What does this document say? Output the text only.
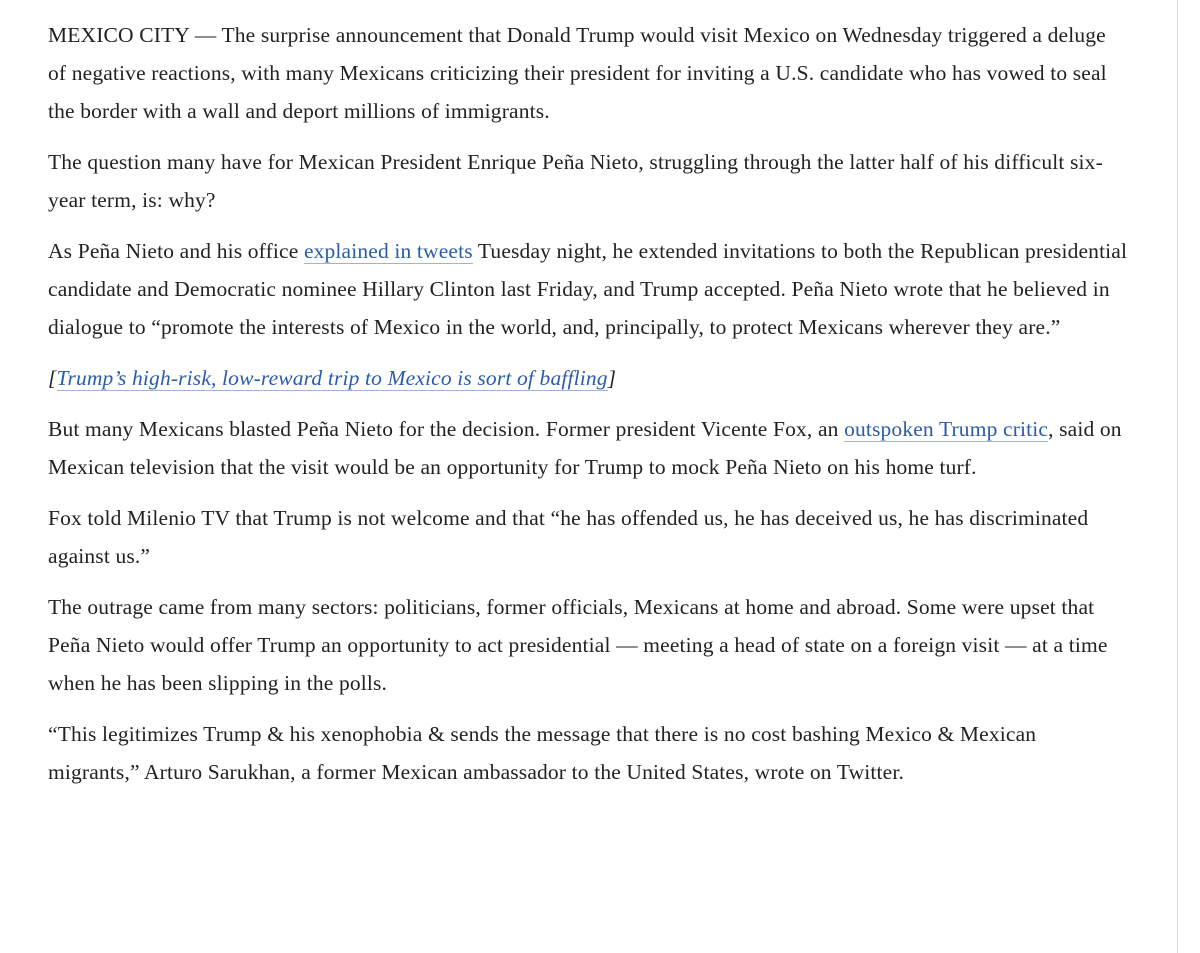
MEXICO CITY — The surprise announcement that Donald Trump would visit Mexico on Wednesday triggered a deluge of negative reactions, with many Mexicans criticizing their president for inviting a U.S. candidate who has vowed to seal the border with a wall and deport millions of immigrants.

The question many have for Mexican President Enrique Peña Nieto, struggling through the latter half of his difficult six-year term, is: why?

As Peña Nieto and his office explained in tweets Tuesday night, he extended invitations to both the Republican presidential candidate and Democratic nominee Hillary Clinton last Friday, and Trump accepted. Peña Nieto wrote that he believed in dialogue to “promote the interests of Mexico in the world, and, principally, to protect Mexicans wherever they are.”

[Trump’s high-risk, low-reward trip to Mexico is sort of baffling]

But many Mexicans blasted Peña Nieto for the decision. Former president Vicente Fox, an outspoken Trump critic, said on Mexican television that the visit would be an opportunity for Trump to mock Peña Nieto on his home turf.

Fox told Milenio TV that Trump is not welcome and that “he has offended us, he has deceived us, he has discriminated against us.”

The outrage came from many sectors: politicians, former officials, Mexicans at home and abroad. Some were upset that Peña Nieto would offer Trump an opportunity to act presidential — meeting a head of state on a foreign visit — at a time when he has been slipping in the polls.

“This legitimizes Trump & his xenophobia & sends the message that there is no cost bashing Mexico & Mexican migrants,” Arturo Sarukhan, a former Mexican ambassador to the United States, wrote on Twitter.
